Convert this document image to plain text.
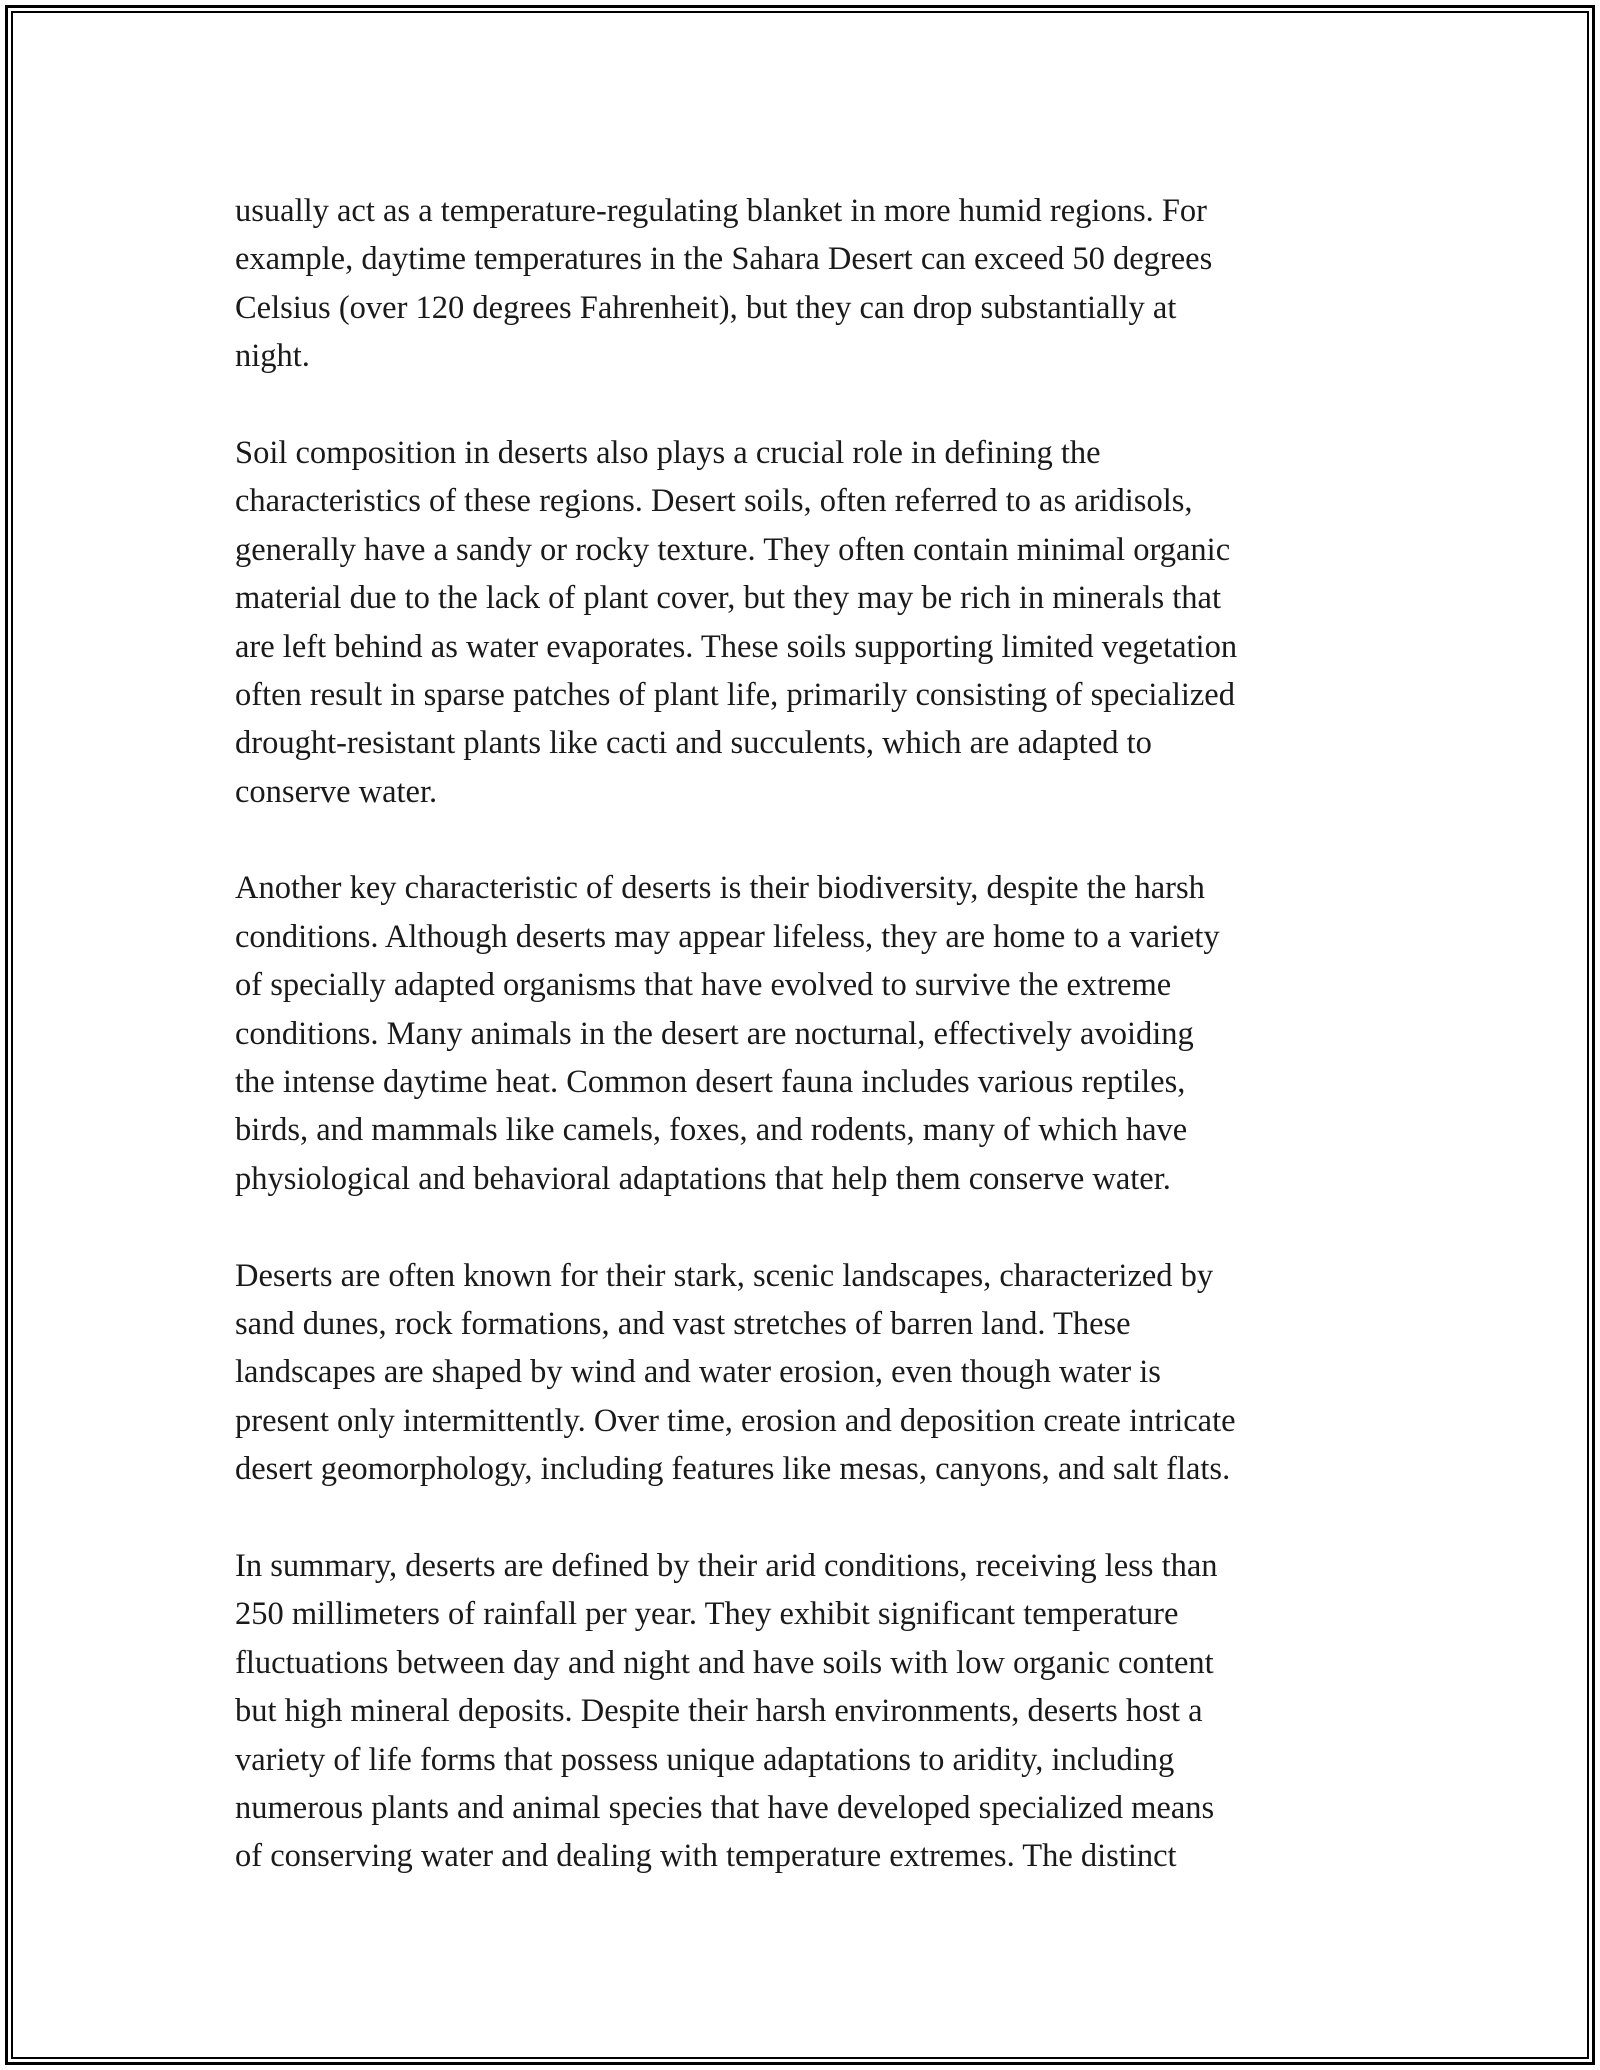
usually act as a temperature-regulating blanket in more humid regions. For
example, daytime temperatures in the Sahara Desert can exceed 50 degrees
Celsius (over 120 degrees Fahrenheit), but they can drop substantially at
night.
Soil composition in deserts also plays a crucial role in defining the
characteristics of these regions. Desert soils, often referred to as aridisols,
generally have a sandy or rocky texture. They often contain minimal organic
material due to the lack of plant cover, but they may be rich in minerals that
are left behind as water evaporates. These soils supporting limited vegetation
often result in sparse patches of plant life, primarily consisting of specialized
drought-resistant plants like cacti and succulents, which are adapted to
conserve water.
Another key characteristic of deserts is their biodiversity, despite the harsh
conditions. Although deserts may appear lifeless, they are home to a variety
of specially adapted organisms that have evolved to survive the extreme
conditions. Many animals in the desert are nocturnal, effectively avoiding
the intense daytime heat. Common desert fauna includes various reptiles,
birds, and mammals like camels, foxes, and rodents, many of which have
physiological and behavioral adaptations that help them conserve water.
Deserts are often known for their stark, scenic landscapes, characterized by
sand dunes, rock formations, and vast stretches of barren land. These
landscapes are shaped by wind and water erosion, even though water is
present only intermittently. Over time, erosion and deposition create intricate
desert geomorphology, including features like mesas, canyons, and salt flats.
In summary, deserts are defined by their arid conditions, receiving less than
250 millimeters of rainfall per year. They exhibit significant temperature
fluctuations between day and night and have soils with low organic content
but high mineral deposits. Despite their harsh environments, deserts host a
variety of life forms that possess unique adaptations to aridity, including
numerous plants and animal species that have developed specialized means
of conserving water and dealing with temperature extremes. The distinct
